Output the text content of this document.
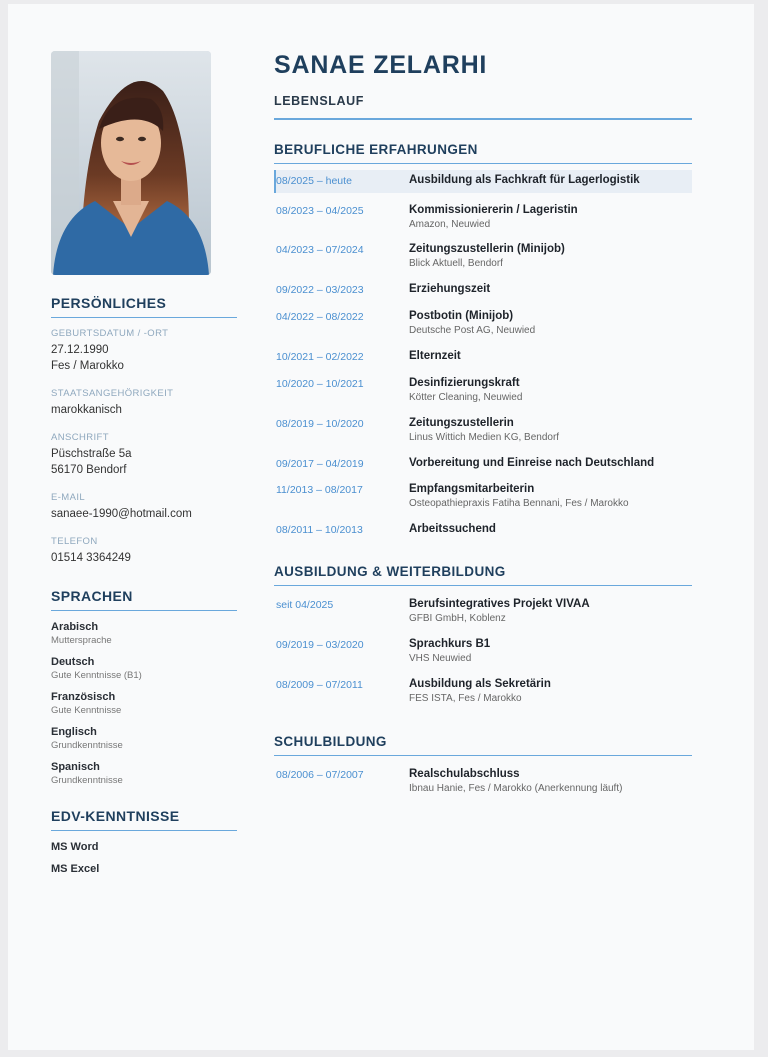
PERSÖNLICHES
GEBURTSDATUM / -ORT
27.12.1990
Fes / Marokko
STAATSANGEHÖRIGKEIT
marokkanisch
ANSCHRIFT
Püschstraße 5a
56170 Bendorf
E-MAIL
sanaee-1990@hotmail.com
TELEFON
01514 3364249
SPRACHEN
Arabisch
Muttersprache
Deutsch
Gute Kenntnisse (B1)
Französisch
Gute Kenntnisse
Englisch
Grundkenntnisse
Spanisch
Grundkenntnisse
EDV-KENNTNISSE
MS Word
MS Excel
SANAE ZELARHI
LEBENSLAUF
BERUFLICHE ERFAHRUNGEN
08/2025 – heute	Ausbildung als Fachkraft für Lagerlogistik
08/2023 – 04/2025	Kommissioniererin / Lageristin
Amazon, Neuwied
04/2023 – 07/2024	Zeitungszustellerin (Minijob)
Blick Aktuell, Bendorf
09/2022 – 03/2023	Erziehungszeit
04/2022 – 08/2022	Postbotin (Minijob)
Deutsche Post AG, Neuwied
10/2021 – 02/2022	Elternzeit
10/2020 – 10/2021	Desinfizierungskraft
Kötter Cleaning, Neuwied
08/2019 – 10/2020	Zeitungszustellerin
Linus Wittich Medien KG, Bendorf
09/2017 – 04/2019	Vorbereitung und Einreise nach Deutschland
11/2013 – 08/2017	Empfangsmitarbeiterin
Osteopathiepraxis Fatiha Bennani, Fes / Marokko
08/2011 – 10/2013	Arbeitssuchend
AUSBILDUNG & WEITERBILDUNG
seit 04/2025	Berufsintegratives Projekt VIVAA
GFBI GmbH, Koblenz
09/2019 – 03/2020	Sprachkurs B1
VHS Neuwied
08/2009 – 07/2011	Ausbildung als Sekretärin
FES ISTA, Fes / Marokko
SCHULBILDUNG
08/2006 – 07/2007	Realschulabschluss
Ibnau Hanie, Fes / Marokko (Anerkennung läuft)
